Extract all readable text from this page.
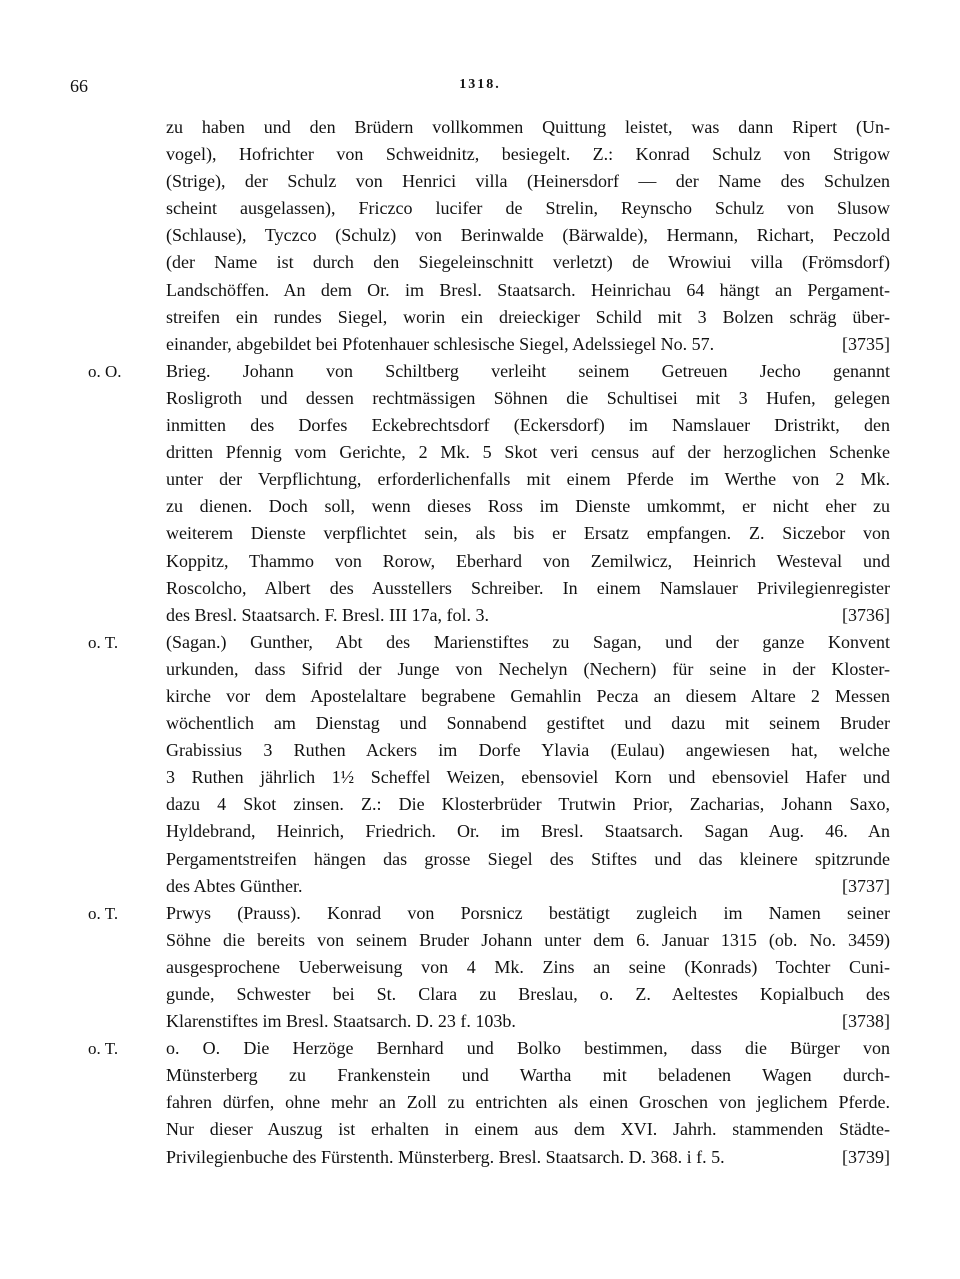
66	1318.
zu haben und den Brüdern vollkommen Quittung leistet, was dann Ripert (Un-
vogel), Hofrichter von Schweidnitz, besiegelt. Z.: Konrad Schulz von Strigow
(Strige), der Schulz von Henrici villa (Heinersdorf — der Name des Schulzen
scheint ausgelassen), Friczco lucifer de Strelin, Reynscho Schulz von Slusow
(Schlause), Tyczco (Schulz) von Berinwalde (Bärwalde), Hermann, Richart, Peczold
(der Name ist durch den Siegeleinschnitt verletzt) de Wrowiui villa (Frömsdorf)
Landschöffen. An dem Or. im Bresl. Staatsarch. Heinrichau 64 hängt an Pergament-
streifen ein rundes Siegel, worin ein dreieckiger Schild mit 3 Bolzen schräg über-
einander, abgebildet bei Pfotenhauer schlesische Siegel, Adelssiegel No. 57.	[3735]
o. O.	Brieg. Johann von Schiltberg verleiht seinem Getreuen Jecho genannt
Rosligroth und dessen rechtmässigen Söhnen die Schultisei mit 3 Hufen, gelegen
inmitten des Dorfes Eckebrechtsdorf (Eckersdorf) im Namslauer Dristrikt, den
dritten Pfennig vom Gerichte, 2 Mk. 5 Skot veri census auf der herzoglichen Schenke
unter der Verpflichtung, erforderlichenfalls mit einem Pferde im Werthe von 2 Mk.
zu dienen. Doch soll, wenn dieses Ross im Dienste umkommt, er nicht eher zu
weiterem Dienste verpflichtet sein, als bis er Ersatz empfangen. Z. Siczebor von
Koppitz, Thammo von Rorow, Eberhard von Zemilwicz, Heinrich Westeval und
Roscolcho, Albert des Ausstellers Schreiber. In einem Namslauer Privilegienregister
des Bresl. Staatsarch. F. Bresl. III 17a, fol. 3.	[3736]
o. T.	(Sagan.) Gunther, Abt des Marienstiftes zu Sagan, und der ganze Konvent
urkunden, dass Sifrid der Junge von Nechelyn (Nechern) für seine in der Kloster-
kirche vor dem Apostelaltare begrabene Gemahlin Pecza an diesem Altare 2 Messen
wöchentlich am Dienstag und Sonnabend gestiftet und dazu mit seinem Bruder
Grabissius 3 Ruthen Ackers im Dorfe Ylavia (Eulau) angewiesen hat, welche
3 Ruthen jährlich 1½ Scheffel Weizen, ebensoviel Korn und ebensoviel Hafer und
dazu 4 Skot zinsen. Z.: Die Klosterbrüder Trutwin Prior, Zacharias, Johann Saxo,
Hyldebrand, Heinrich, Friedrich. Or. im Bresl. Staatsarch. Sagan Aug. 46. An
Pergamentstreifen hängen das grosse Siegel des Stiftes und das kleinere spitzrunde
des Abtes Günther.	[3737]
o. T.	Prwys (Prauss). Konrad von Porsnicz bestätigt zugleich im Namen seiner
Söhne die bereits von seinem Bruder Johann unter dem 6. Januar 1315 (ob. No. 3459)
ausgesprochene Ueberweisung von 4 Mk. Zins an seine (Konrads) Tochter Cuni-
gunde, Schwester bei St. Clara zu Breslau, o. Z. Aeltestes Kopialbuch des
Klarenstiftes im Bresl. Staatsarch. D. 23 f. 103b.	[3738]
o. T.	o. O. Die Herzöge Bernhard und Bolko bestimmen, dass die Bürger von
Münsterberg zu Frankenstein und Wartha mit beladenen Wagen durch-
fahren dürfen, ohne mehr an Zoll zu entrichten als einen Groschen von jeglichem Pferde.
Nur dieser Auszug ist erhalten in einem aus dem XVI. Jahrh. stammenden Städte-
Privilegienbuche des Fürstenth. Münsterberg. Bresl. Staatsarch. D. 368. i f. 5.	[3739]
